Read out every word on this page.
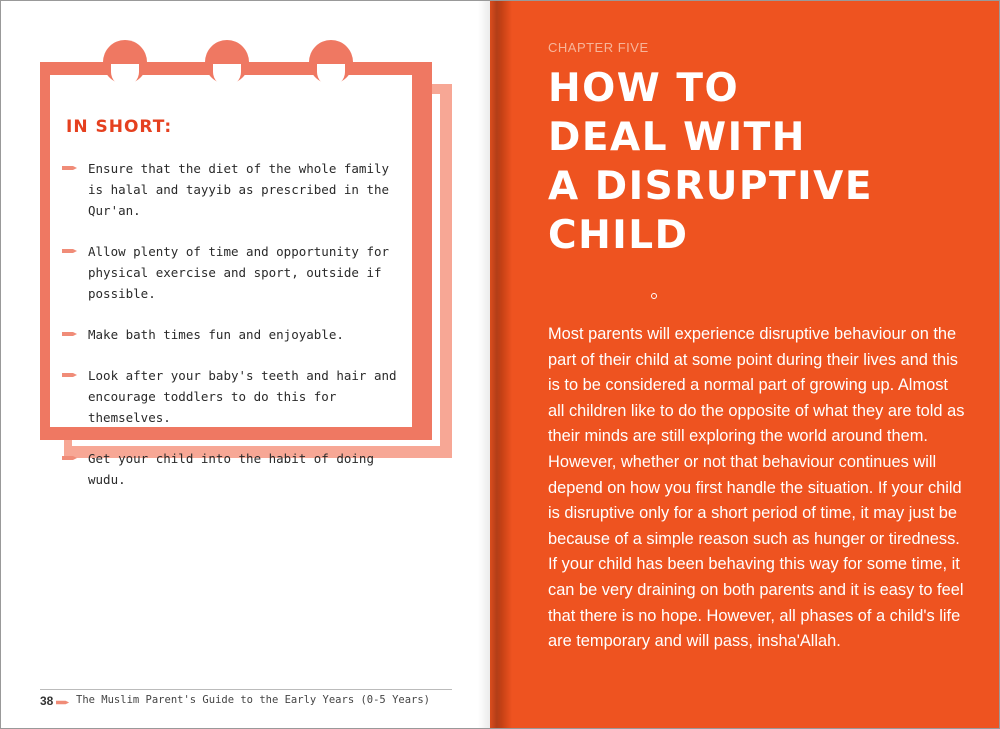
IN SHORT:
Ensure that the diet of the whole family is halal and tayyib as prescribed in the Qur'an.
Allow plenty of time and opportunity for physical exercise and sport, outside if possible.
Make bath times fun and enjoyable.
Look after your baby's teeth and hair and encourage toddlers to do this for themselves.
Get your child into the habit of doing wudu.
38 The Muslim Parent's Guide to the Early Years (0-5 Years)
CHAPTER FIVE
HOW TO
DEAL WITH
A DISRUPTIVE
CHILD

Most parents will experience disruptive behaviour on the part of their child at some point during their lives and this is to be considered a normal part of growing up. Almost all children like to do the opposite of what they are told as their minds are still exploring the world around them. However, whether or not that behaviour continues will depend on how you first handle the situation. If your child is disruptive only for a short period of time, it may just be because of a simple reason such as hunger or tiredness. If your child has been behaving this way for some time, it can be very draining on both parents and it is easy to feel that there is no hope. However, all phases of a child's life are temporary and will pass, insha'Allah.
